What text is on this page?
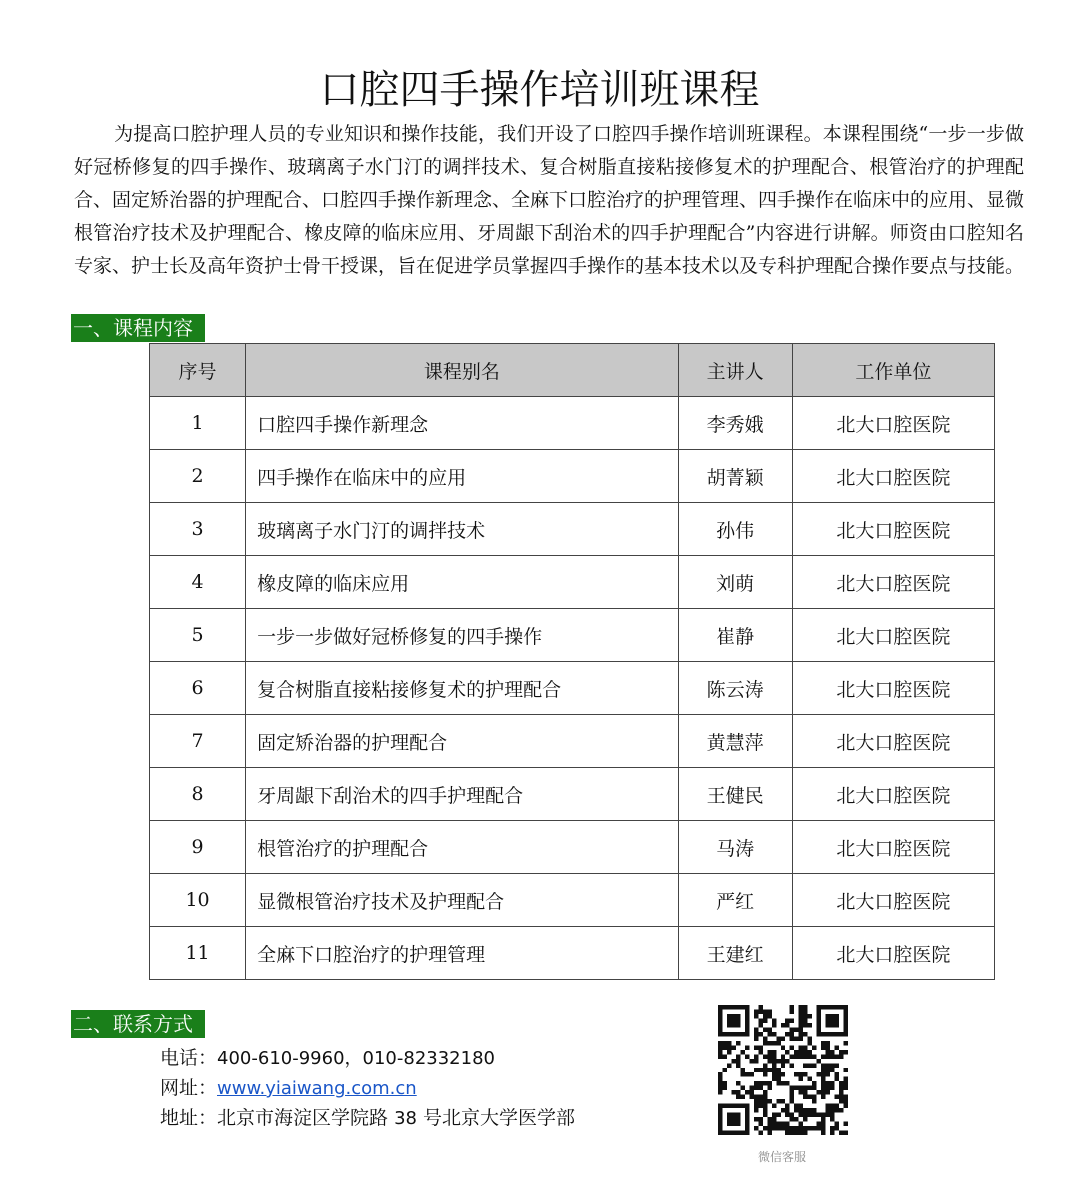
口腔四手操作培训班课程

为提高口腔护理人员的专业知识和操作技能，我们开设了口腔四手操作培训班课程。本课程围绕“一步一步做好冠桥修复的四手操作、玻璃离子水门汀的调拌技术、复合树脂直接粘接修复术的护理配合、根管治疗的护理配合、固定矫治器的护理配合、口腔四手操作新理念、全麻下口腔治疗的护理管理、四手操作在临床中的应用、显微根管治疗技术及护理配合、橡皮障的临床应用、牙周龈下刮治术的四手护理配合”内容进行讲解。师资由口腔知名专家、护士长及高年资护士骨干授课，旨在促进学员掌握四手操作的基本技术以及专科护理配合操作要点与技能。

一、课程内容
序号	课程别名	主讲人	工作单位
1	口腔四手操作新理念	李秀娥	北大口腔医院
2	四手操作在临床中的应用	胡菁颖	北大口腔医院
3	玻璃离子水门汀的调拌技术	孙伟	北大口腔医院
4	橡皮障的临床应用	刘萌	北大口腔医院
5	一步一步做好冠桥修复的四手操作	崔静	北大口腔医院
6	复合树脂直接粘接修复术的护理配合	陈云涛	北大口腔医院
7	固定矫治器的护理配合	黄慧萍	北大口腔医院
8	牙周龈下刮治术的四手护理配合	王健民	北大口腔医院
9	根管治疗的护理配合	马涛	北大口腔医院
10	显微根管治疗技术及护理配合	严红	北大口腔医院
11	全麻下口腔治疗的护理管理	王建红	北大口腔医院
二、联系方式
电话：400-610-9960，010-82332180
网址：www.yiaiwang.com.cn
地址：北京市海淀区学院路 38 号北京大学医学部
微信客服
